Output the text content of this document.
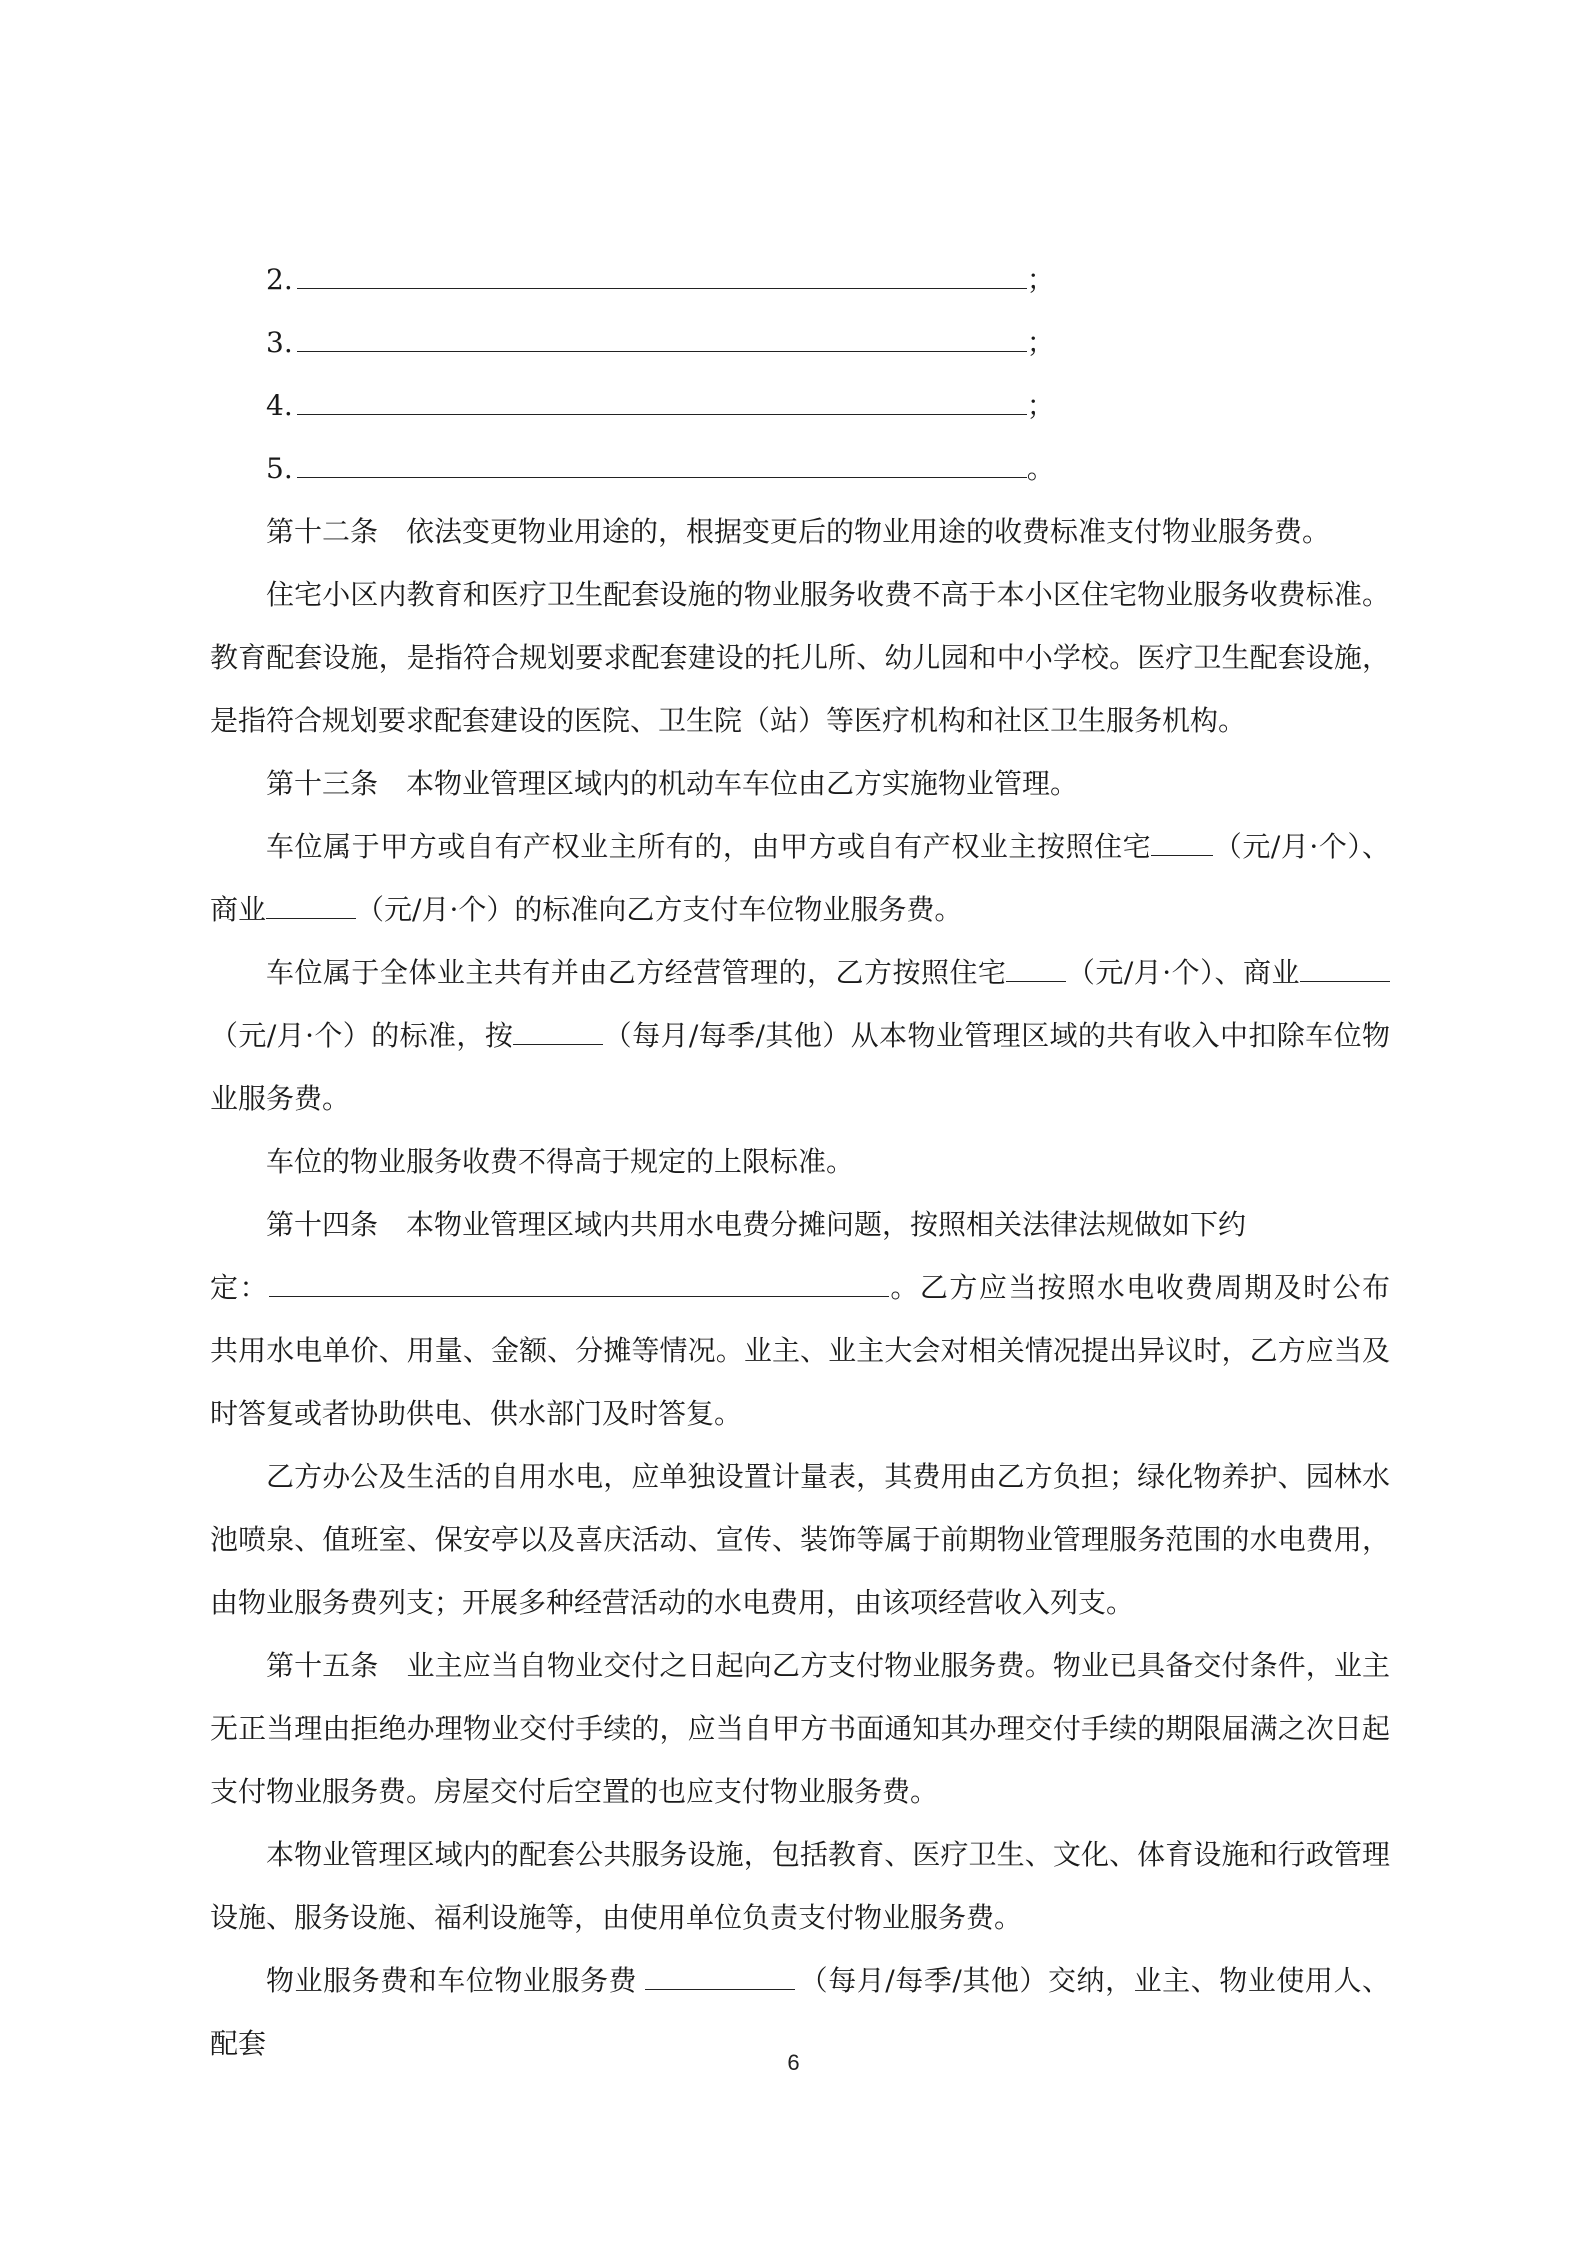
2.	；
3.	；
4.	；
5.	。

第十二条　依法变更物业用途的，根据变更后的物业用途的收费标准支付物业服务费。

住宅小区内教育和医疗卫生配套设施的物业服务收费不高于本小区住宅物业服务收费标准。教育配套设施，是指符合规划要求配套建设的托儿所、幼儿园和中小学校。医疗卫生配套设施，是指符合规划要求配套建设的医院、卫生院（站）等医疗机构和社区卫生服务机构。

第十三条　本物业管理区域内的机动车车位由乙方实施物业管理。

车位属于甲方或自有产权业主所有的，由甲方或自有产权业主按照住宅 （元/月·个）、商业	（元/月·个）的标准向乙方支付车位物业服务费。

车位属于全体业主共有并由乙方经营管理的，乙方按照住宅 （元/月·个）、商业（元/月·个）的标准，按	（每月/每季/其他）从本物业管理区域的共有收入中扣除车位物业服务费。

车位的物业服务收费不得高于规定的上限标准。

第十四条　本物业管理区域内共用水电费分摊问题，按照相关法律法规做如下约

定：	。乙方应当按照水电收费周期及时公布共用水电单价、用量、金额、分摊等情况。业主、业主大会对相关情况提出异议时，乙方应当及时答复或者协助供电、供水部门及时答复。

乙方办公及生活的自用水电，应单独设置计量表，其费用由乙方负担；绿化物养护、园林水池喷泉、值班室、保安亭以及喜庆活动、宣传、装饰等属于前期物业管理服务范围的水电费用，由物业服务费列支；开展多种经营活动的水电费用，由该项经营收入列支。

第十五条　业主应当自物业交付之日起向乙方支付物业服务费。物业已具备交付条件，业主无正当理由拒绝办理物业交付手续的，应当自甲方书面通知其办理交付手续的期限届满之次日起支付物业服务费。房屋交付后空置的也应支付物业服务费。

本物业管理区域内的配套公共服务设施，包括教育、医疗卫生、文化、体育设施和行政管理设施、服务设施、福利设施等，由使用单位负责支付物业服务费。

物业服务费和车位物业服务费	（每月/每季/其他）交纳，业主、物业使用人、配套

6
